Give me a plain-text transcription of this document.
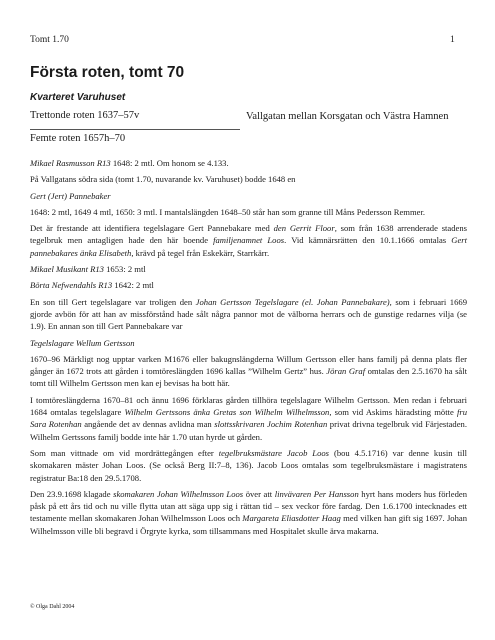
Tomt 1.70	1
Första roten, tomt 70
Kvarteret Varuhuset
Trettonde roten 1637–57v
Femte roten 1657h–70
Vallgatan mellan Korsgatan och Västra Hamnen

Mikael Rasmusson R13 1648: 2 mtl. Om honom se 4.133.

På Vallgatans södra sida (tomt 1.70, nuvarande kv. Varuhuset) bodde 1648 en

Gert (Jert) Pannebaker

1648: 2 mtl, 1649 4 mtl, 1650: 3 mtl. I mantalslängden 1648–50 står han som granne till Måns Pedersson Remmer.

Det är frestande att identifiera tegelslagare Gert Pannebakare med den Gerrit Floor, som från 1638 arrenderade stadens tegelbruk men antagligen hade den här boende familjenamnet Loos. Vid kämnärsrätten den 10.1.1666 omtalas Gert pannebakares änka Elisabeth, krävd på tegel från Eskekärr, Starrkärr.

Mikael Musikant R13 1653: 2 mtl

Börta Nefwendahls R13 1642: 2 mtl

En son till Gert tegelslagare var troligen den Johan Gertsson Tegelslagare (el. Johan Pannebakare), som i februari 1669 gjorde avbön för att han av missförstånd hade sålt några pannor mot de välborna herrars och de gunstige redarnes vilja (se 1.9). En annan son till Gert Pannebakare var

Tegelslagare Wellum Gertsson

1670–96 Märkligt nog upptar varken M1676 eller bakugnslängderna Willum Gertsson eller hans familj på denna plats fler gånger än 1672 trots att gården i tomtöreslängden 1696 kallas ”Wilhelm Gertz” hus. Jöran Graf omtalas den 2.5.1670 ha sålt tomt till Wilhelm Gertsson men kan ej bevisas ha bott här.

I tomtöreslängderna 1670–81 och ännu 1696 förklaras gården tillhöra tegelslagare Wilhelm Gertsson. Men redan i februari 1684 omtalas tegelslagare Wilhelm Gertssons änka Gretas son Wilhelm Wilhelmsson, som vid Askims häradsting mötte fru Sara Rotenhan angående det av dennas avlidna man slottsskrivaren Jochim Rotenhan privat drivna tegelbruk vid Färjestaden. Wilhelm Gertssons familj bodde inte här 1.70 utan hyrde ut gården.

Som man vittnade om vid mordrättegången efter tegelbruksmästare Jacob Loos (bou 4.5.1716) var denne kusin till skomakaren mäster Johan Loos. (Se också Berg II:7–8, 136). Jacob Loos omtalas som tegelbruksmästare i magistratens registratur Ba:18 den 29.5.1708.

Den 23.9.1698 klagade skomakaren Johan Wilhelmsson Loos över att linvävaren Per Hansson hyrt hans moders hus förleden påsk på ett års tid och nu ville flytta utan att säga upp sig i rättan tid – sex veckor före fardag. Den 1.6.1700 intecknades ett testamente mellan skomakaren Johan Wilhelmsson Loos och Margareta Eliasdotter Haag med vilken han gift sig 1697. Johan Wilhelmsson ville bli begravd i Örgryte kyrka, som tillsammans med Hospitalet skulle ärva makarna.

© Olga Dahl 2004
